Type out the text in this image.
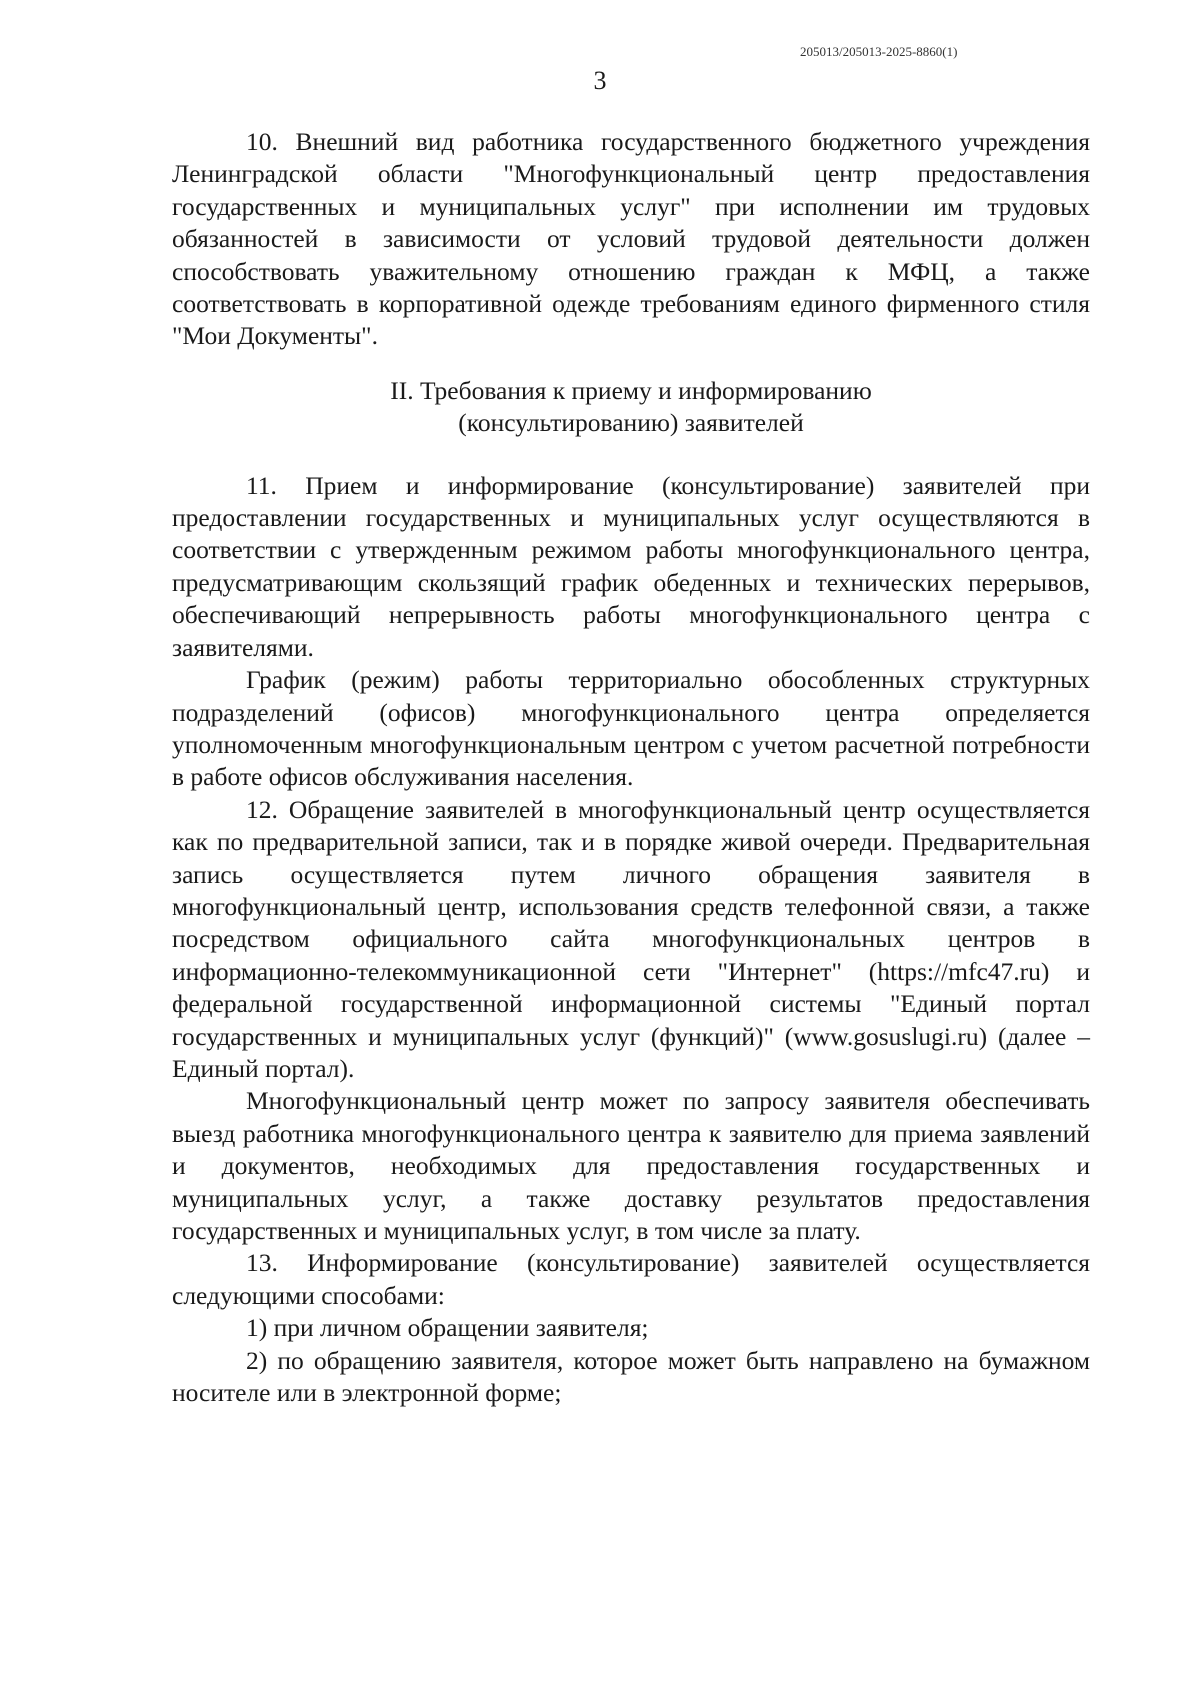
205013/205013-2025-8860(1)
3

10. Внешний вид работника государственного бюджетного учреждения Ленинградской области "Многофункциональный центр предоставления государственных и муниципальных услуг" при исполнении им трудовых обязанностей в зависимости от условий трудовой деятельности должен способствовать уважительному отношению граждан к МФЦ, а также соответствовать в корпоративной одежде требованиям единого фирменного стиля "Мои Документы".

II. Требования к приему и информированию
(консультированию) заявителей

11. Прием и информирование (консультирование) заявителей при предоставлении государственных и муниципальных услуг осуществляются в соответствии с утвержденным режимом работы многофункционального центра, предусматривающим скользящий график обеденных и технических перерывов, обеспечивающий непрерывность работы многофункционального центра с заявителями.

График (режим) работы территориально обособленных структурных подразделений (офисов) многофункционального центра определяется уполномоченным многофункциональным центром с учетом расчетной потребности в работе офисов обслуживания населения.

12. Обращение заявителей в многофункциональный центр осуществляется как по предварительной записи, так и в порядке живой очереди. Предварительная запись осуществляется путем личного обращения заявителя в многофункциональный центр, использования средств телефонной связи, а также посредством официального сайта многофункциональных центров в информационно-телекоммуникационной сети "Интернет" (https://mfc47.ru) и федеральной государственной информационной системы "Единый портал государственных и муниципальных услуг (функций)" (www.gosuslugi.ru) (далее – Единый портал).

Многофункциональный центр может по запросу заявителя обеспечивать выезд работника многофункционального центра к заявителю для приема заявлений и документов, необходимых для предоставления государственных и муниципальных услуг, а также доставку результатов предоставления государственных и муниципальных услуг, в том числе за плату.

13. Информирование (консультирование) заявителей осуществляется следующими способами:

1) при личном обращении заявителя;

2) по обращению заявителя, которое может быть направлено на бумажном носителе или в электронной форме;
